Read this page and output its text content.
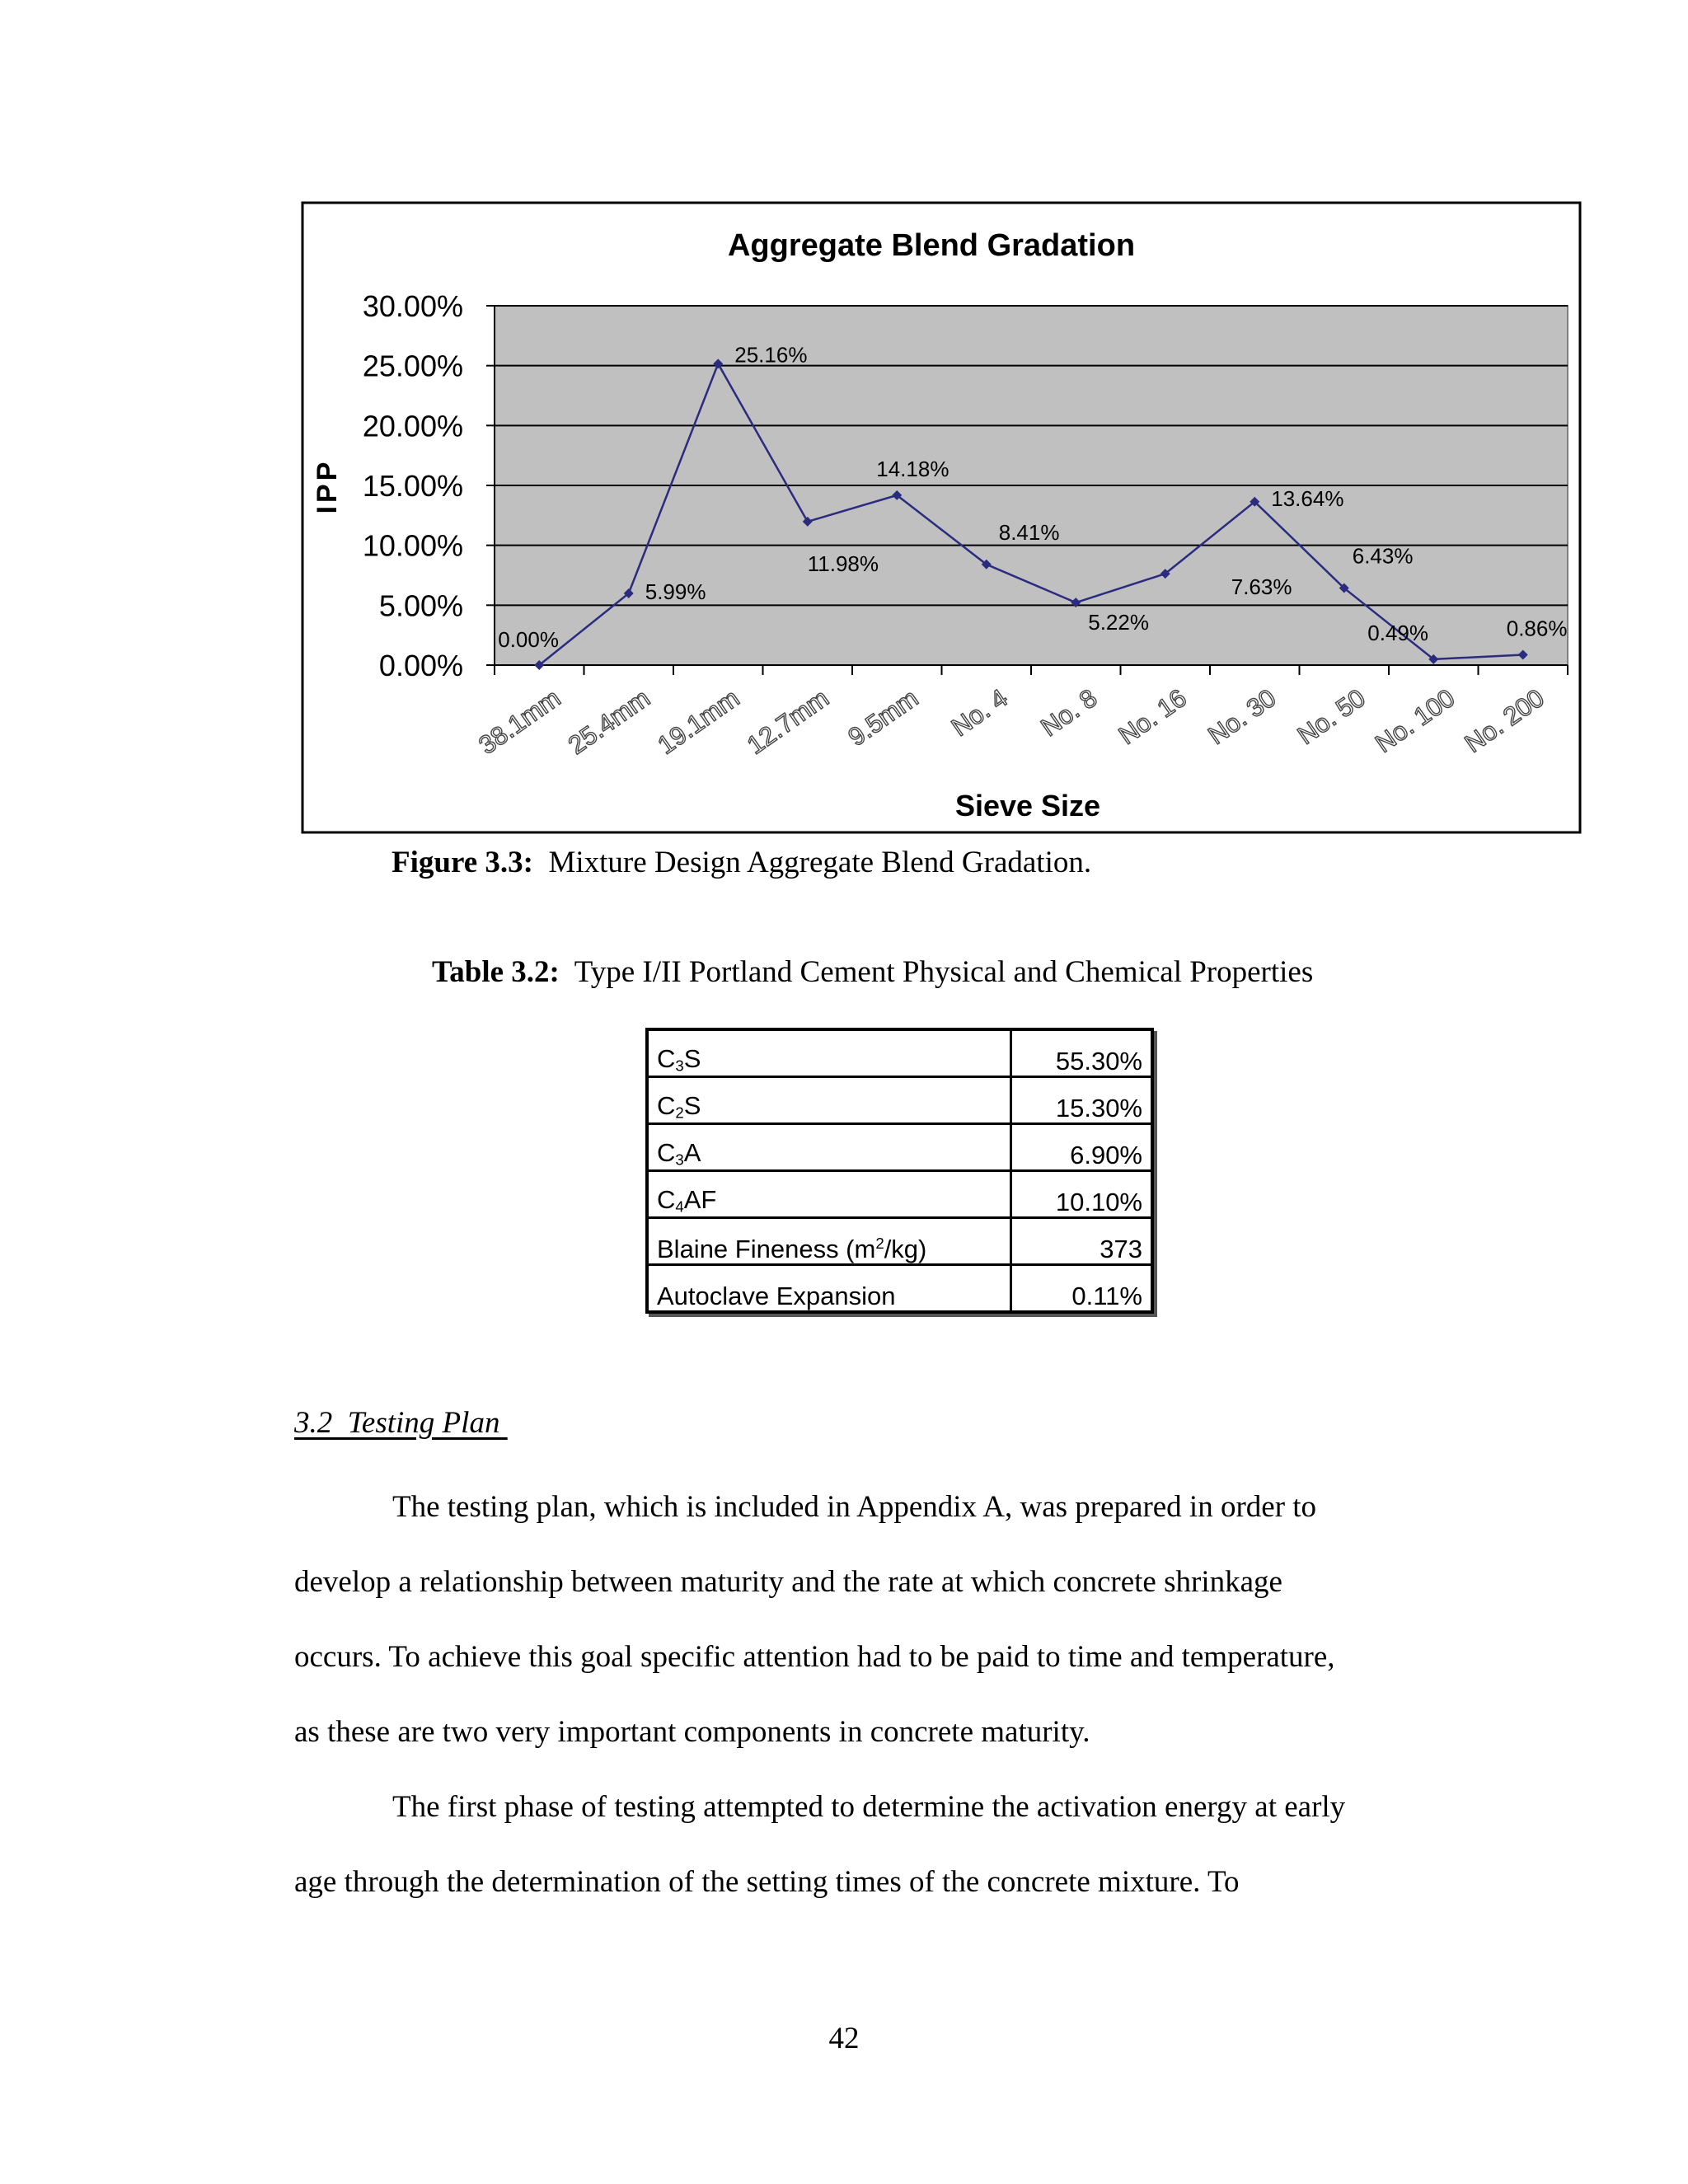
0.00%
5.00%
10.00%
15.00%
20.00%
25.00%
30.00%
38.1mm
25.4mm
19.1mm
12.7mm 9.5mm No. 4 No. 8 No. 16 No. 30 No. 50 No. 100 No. 200
0.00%
5.99%
25.16%
11.98%
14.18%
8.41%
5.22%
7.63%
13.64%
6.43%
0.49%	0.86%
Aggregate Blend Gradation
Sieve Size
IPP
Figure 3.3: Mixture Design Aggregate Blend Gradation.
Table 3.2: Type I/II Portland Cement Physical and Chemical Properties
$C_3S$	55.30%
$C_2S$	15.30%
$C_3A$	6.90%
$C_4AF$	10.10%
Blaine Fineness $(m^2/kg)$	373
Autoclave Expansion	0.11%
3.2  Testing Plan
The testing plan, which is included in Appendix A, was prepared in order to
develop a relationship between maturity and the rate at which concrete shrinkage
occurs. To achieve this goal specific attention had to be paid to time and temperature,
as these are two very important components in concrete maturity.
The first phase of testing attempted to determine the activation energy at early
age through the determination of the setting times of the concrete mixture. To
42
